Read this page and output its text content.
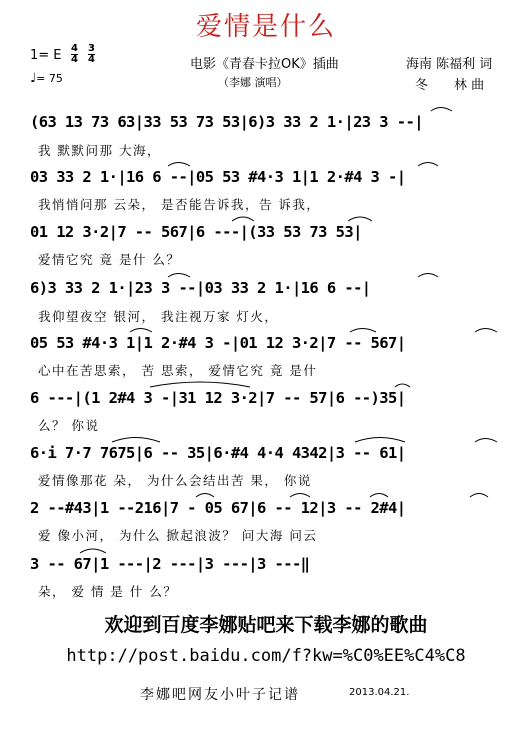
爱情是什么
1= E 4
4
3
4
♩= 75
电影《青春卡拉OK》插曲
（李娜 演唱）
海南 陈福利 词
冬　　林 曲
(63 13 73 63|33 53 73 53|6)3 33 2 1·|23 3 --|
我 默默问那 大海，
03 33 2 1·|16 6 --|05 53 #4·3 1|1 2·#4 3 -|
我悄悄问那 云朵， 是否能告诉我，告 诉我，
01 12 3·2|7 -- 567|6 ---|(33 53 73 53|
爱情它究 竟 是什 么？
6)3 33 2 1·|23 3 --|03 33 2 1·|16 6 --|
我仰望夜空 银河， 我注视万家 灯火，
05 53 #4·3 1|1 2·#4 3 -|01 12 3·2|7 -- 567|
心中在苦思索， 苦 思索， 爱情它究 竟 是什
6 ---|(1 2#4 3 -|31 12 3·2|7 -- 57|6 --)35|
么？ 你说
6·i 7·7 7675|6 -- 35|6·#4 4·4 4342|3 -- 61|
爱情像那花 朵， 为什么会结出苦 果， 你说
2 --#43|1 --216|7 - 05 67|6 -- 12|3 -- 2#4|
爱 像小河， 为什么 掀起浪波？ 问大海 问云
3 -- 67|1 ---|2 ---|3 ---|3 ---‖
朵， 爱 情 是 什 么？
欢迎到百度李娜贴吧来下载李娜的歌曲
http://post.baidu.com/f?kw=%C0%EE%C4%C8
李娜吧网友小叶子记谱	2013.04.21.
